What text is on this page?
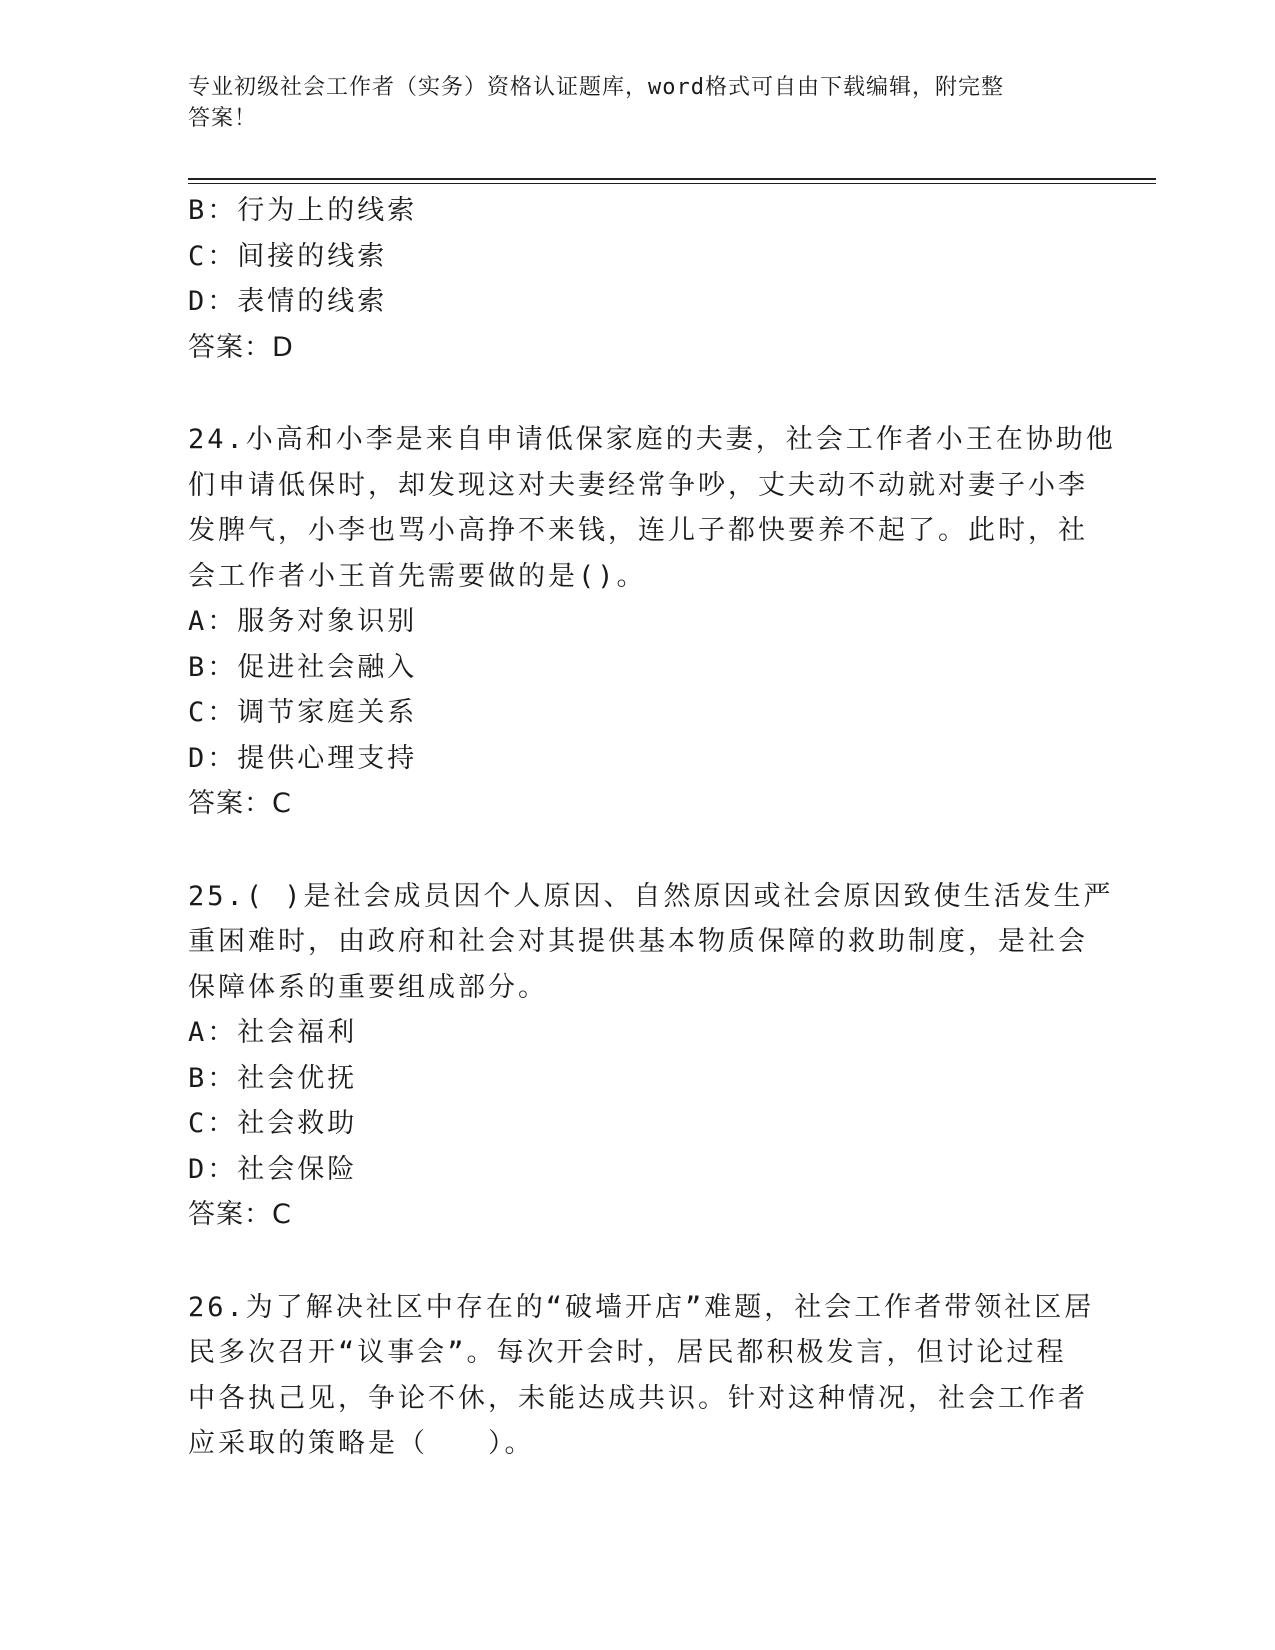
专业初级社会工作者（实务）资格认证题库，word格式可自由下载编辑，附完整
答案！
B：行为上的线索
C：间接的线索
D：表情的线索
答案：D
24.小高和小李是来自申请低保家庭的夫妻，社会工作者小王在协助他
们申请低保时，却发现这对夫妻经常争吵，丈夫动不动就对妻子小李
发脾气，小李也骂小高挣不来钱，连儿子都快要养不起了。此时，社
会工作者小王首先需要做的是()。
A：服务对象识别
B：促进社会融入
C：调节家庭关系
D：提供心理支持
答案：C
25.( )是社会成员因个人原因、自然原因或社会原因致使生活发生严
重困难时，由政府和社会对其提供基本物质保障的救助制度，是社会
保障体系的重要组成部分。
A：社会福利
B：社会优抚
C：社会救助
D：社会保险
答案：C
26.为了解决社区中存在的“破墙开店”难题，社会工作者带领社区居
民多次召开“议事会”。每次开会时，居民都积极发言，但讨论过程
中各执己见，争论不休，未能达成共识。针对这种情况，社会工作者
应采取的策略是（　　）。
